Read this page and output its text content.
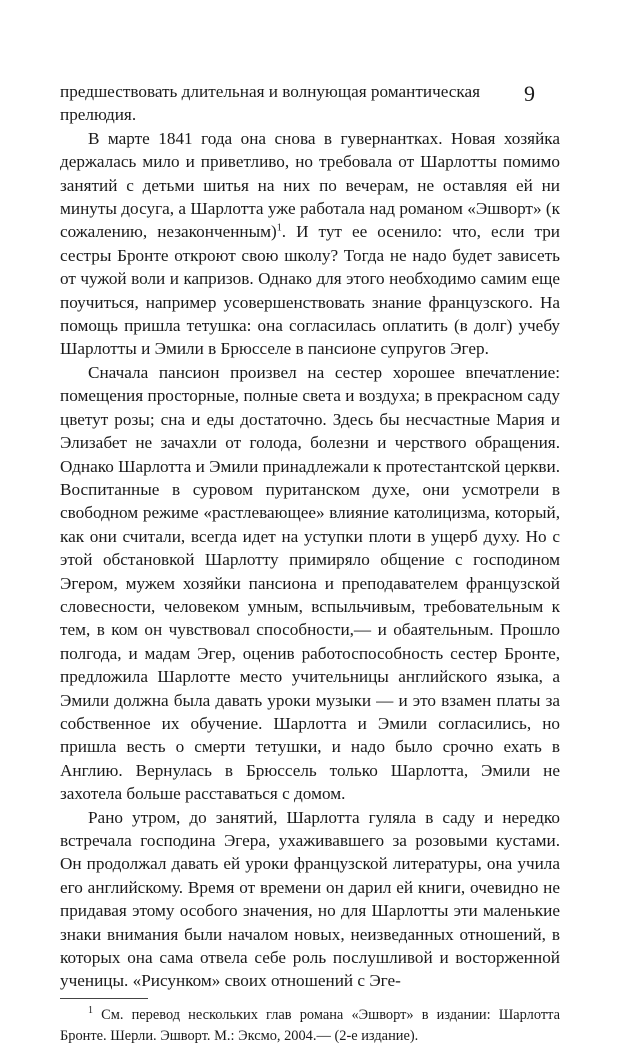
9

предшествовать длительная и волнующая романтическая прелюдия.

В марте 1841 года она снова в гувернантках. Новая хозяйка держалась мило и приветливо, но требовала от Шарлотты помимо занятий с детьми шитья на них по вечерам, не оставляя ей ни минуты досуга, а Шарлотта уже работала над романом «Эшворт» (к сожалению, незаконченным)$^1$. И тут ее осенило: что, если три сестры Бронте откроют свою школу? Тогда не надо будет зависеть от чужой воли и капризов. Однако для этого необходимо самим еще поучиться, например усовершенствовать знание французского. На помощь пришла тетушка: она согласилась оплатить (в долг) учебу Шарлотты и Эмили в Брюсселе в пансионе супругов Эгер.

Сначала пансион произвел на сестер хорошее впечатление: помещения просторные, полные света и воздуха; в прекрасном саду цветут розы; сна и еды достаточно. Здесь бы несчастные Мария и Элизабет не зачахли от голода, болезни и черствого обращения. Однако Шарлотта и Эмили принадлежали к протестантской церкви. Воспитанные в суровом пуританском духе, они усмотрели в свободном режиме «растлевающее» влияние католицизма, который, как они считали, всегда идет на уступки плоти в ущерб духу. Но с этой обстановкой Шарлотту примиряло общение с господином Эгером, мужем хозяйки пансиона и преподавателем французской словесности, человеком умным, вспыльчивым, требовательным к тем, в ком он чувствовал способности,— и обаятельным. Прошло полгода, и мадам Эгер, оценив работоспособность сестер Бронте, предложила Шарлотте место учительницы английского языка, а Эмили должна была давать уроки музыки — и это взамен платы за собственное их обучение. Шарлотта и Эмили согласились, но пришла весть о смерти тетушки, и надо было срочно ехать в Англию. Вернулась в Брюссель только Шарлотта, Эмили не захотела больше расставаться с домом.

Рано утром, до занятий, Шарлотта гуляла в саду и нередко встречала господина Эгера, ухаживавшего за розовыми кустами. Он продолжал давать ей уроки французской литературы, она учила его английскому. Время от времени он дарил ей книги, очевидно не придавая этому особого значения, но для Шарлотты эти маленькие знаки внимания были началом новых, неизведанных отношений, в которых она сама отвела себе роль послушливой и восторженной ученицы. «Рисунком» своих отношений с Эге-

$^1$ См. перевод нескольких глав романа «Эшворт» в издании: Шарлотта Бронте. Шерли. Эшворт. М.: Эксмо, 2004.— (2-е издание).
